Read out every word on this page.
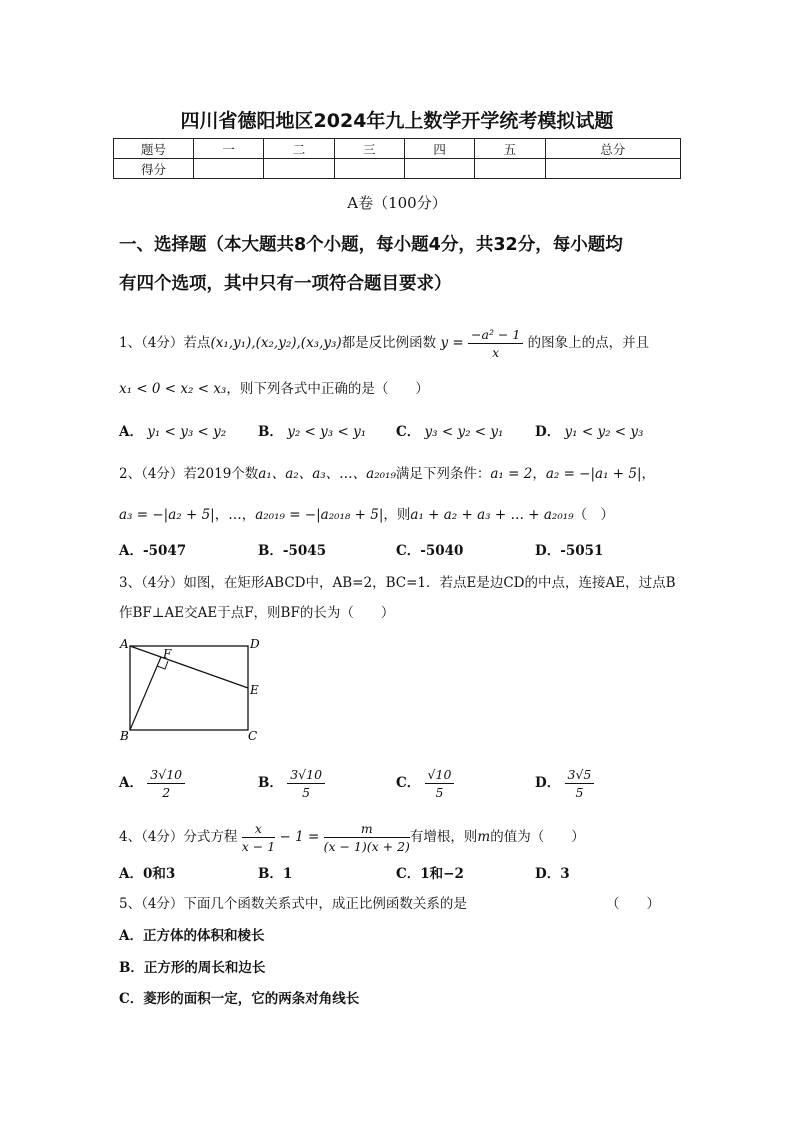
四川省德阳地区2024年九上数学开学统考模拟试题
题号	一	二	三	四	五	总分
得分						
A卷（100分）
一、选择题（本大题共8个小题，每小题4分，共32分，每小题均
有四个选项，其中只有一项符合题目要求）
1、（4分）若点(x₁,y₁),(x₂,y₂),(x₃,y₃)都是反比例函数 $y = \frac{\text{−a² − 1}}{x}$ 的图象上的点，并且
x₁ < 0 < x₂ < x₃，则下列各式中正确的是（　　）
A． y₁ < y₃ < y₂ B． y₂ < y₃ < y₁ C． y₃ < y₂ < y₁ D． y₁ < y₂ < y₃
2、（4分）若2019个数a₁、a₂、a₃、…、a₂₀₁₉满足下列条件：a₁ = 2，a₂ = −|a₁ + 5|，
a₃ = −|a₂ + 5|，…，a₂₀₁₉ = −|a₂₀₁₈ + 5|，则a₁ + a₂ + a₃ + … + a₂₀₁₉（　）
A．-5047	B．-5045	C．-5040	D．-5051
3、（4分）如图，在矩形ABCD中，AB=2，BC=1．若点E是边CD的中点，连接AE，过点B
作BF⊥AE交AE于点F，则BF的长为（　　）
A	D
E
F
B	C
A． $\frac{3√10}{2}$	B． $\frac{3√10}{5}$	C． $\frac{√10}{5}$	D． $\frac{3√5}{5}$
4、（4分）分式方程 $\frac{x}{x - 1} - 1 = \frac{m}{(x - 1)(x + 2)}$ 有增根，则m的值为（　　）
A．0和3	B．1	C．1和−2	D．3
5、（4分）下面几个函数关系式中，成正比例函数关系的是	（　　）
A．正方体的体积和棱长
B．正方形的周长和边长
C．菱形的面积一定，它的两条对角线长
